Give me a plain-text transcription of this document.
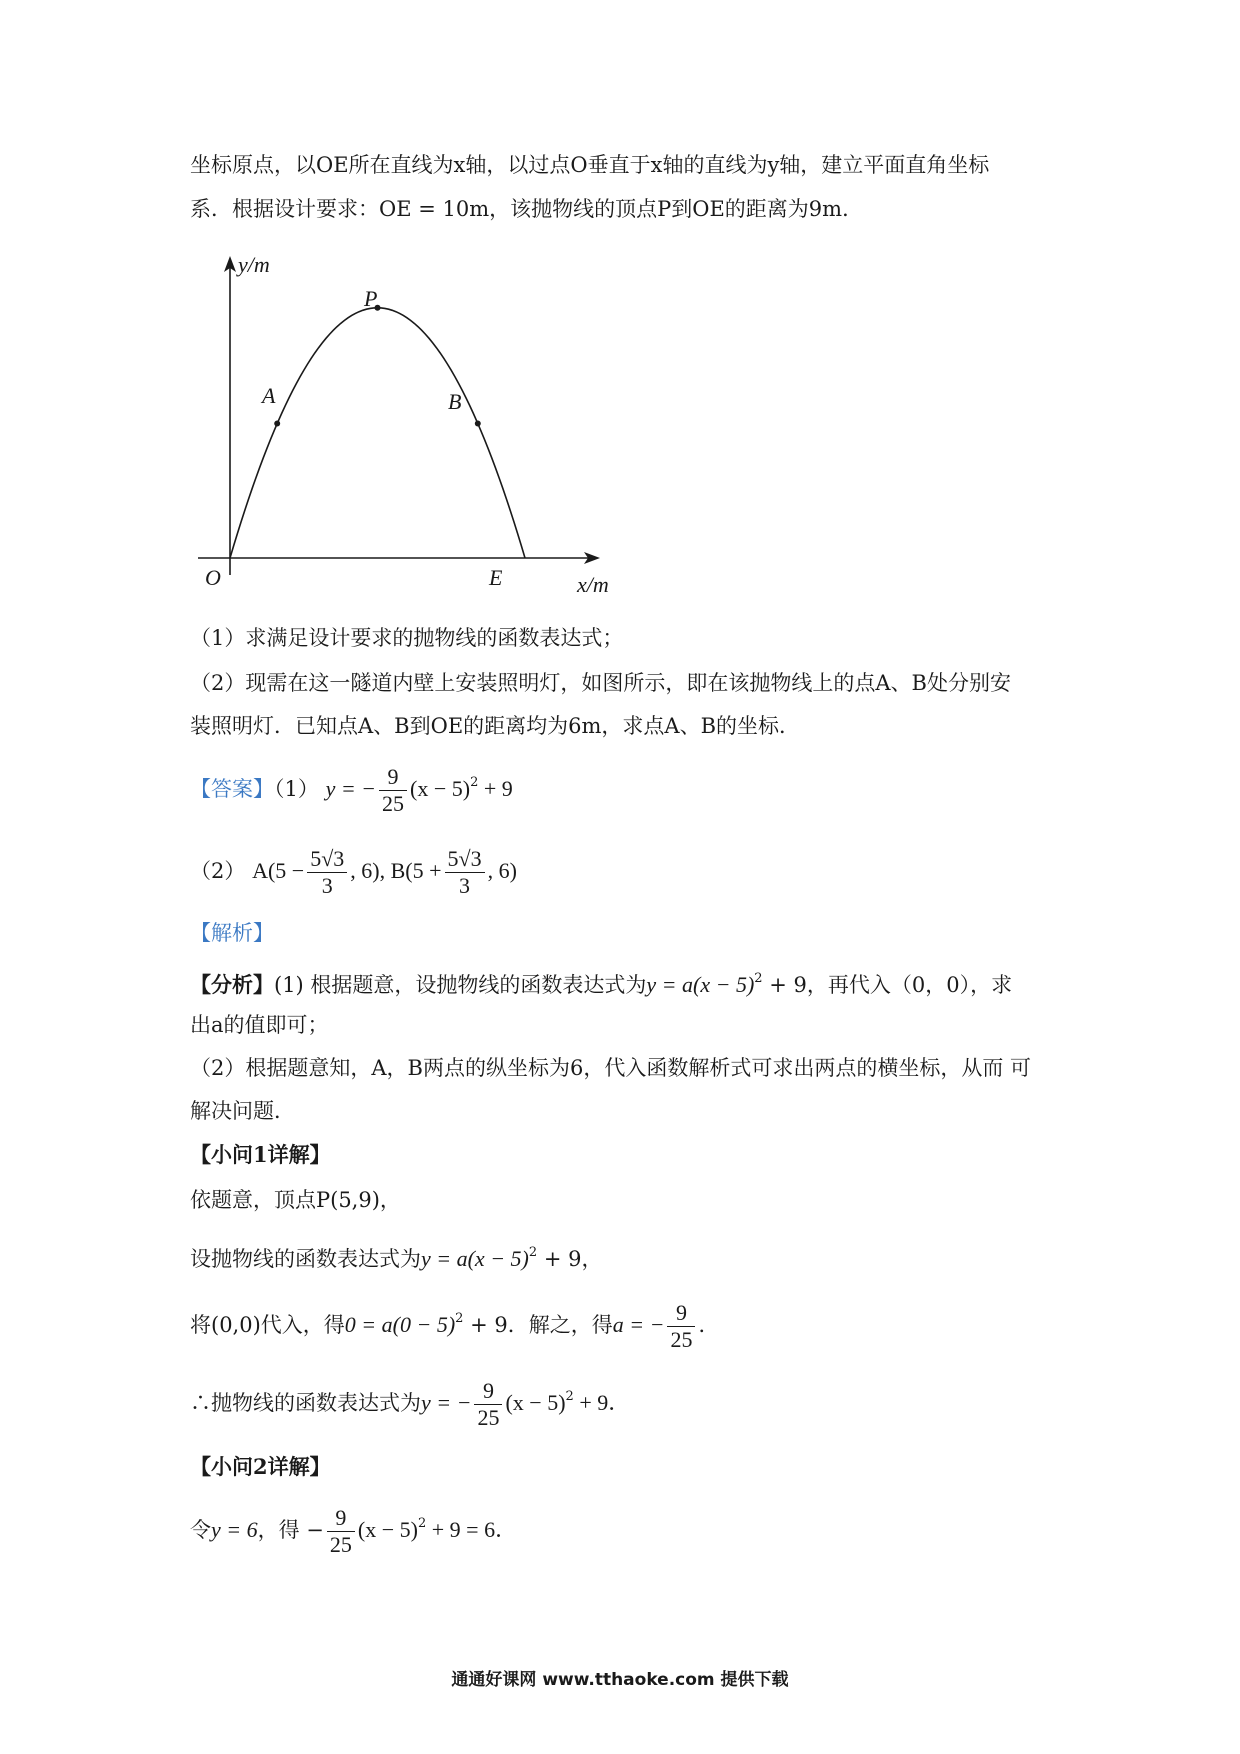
坐标原点，以OE所在直线为x轴，以过点O垂直于x轴的直线为y轴，建立平面直角坐标
系．根据设计要求：OE = 10m，该抛物线的顶点P到OE的距离为9m．
y/m
x/m
O
P
A	B
E
（1）求满足设计要求的抛物线的函数表达式；
（2）现需在这一隧道内壁上安装照明灯，如图所示，即在该抛物线上的点A、B处分别安
装照明灯．已知点A、B到OE的距离均为6m，求点A、B的坐标．
【答案】（1） y = − $\frac{9}{25} (x - 5)^2 + 9$
（2） $A(5 - \frac{5√3}{3}$ , 6), $B(5 + \frac{5√3}{3}$ , 6)
【解析】
【分析】(1) 根据题意，设抛物线的函数表达式为$y = a(x - 5)^2 + 9$，再代入（0，0），求
出a的值即可；
（2）根据题意知，A，B两点的纵坐标为6，代入函数解析式可求出两点的横坐标，从而 可
解决问题．
【小问1详解】
依题意，顶点P(5,9)，
设抛物线的函数表达式为$y = a(x - 5)^2 + 9$，
将(0,0)代入，得$0 = a(0 - 5)^2 + 9$．解之，得a = − $\frac{9}{25}$ ．
∴抛物线的函数表达式为y = − $\frac{9}{25} (x - 5)^2 + 9$．
【小问2详解】
令y = 6，得 − $\frac{9}{25} (x - 5)^2 + 9 = 6$．
通通好课网 www.tthaoke.com 提供下载
